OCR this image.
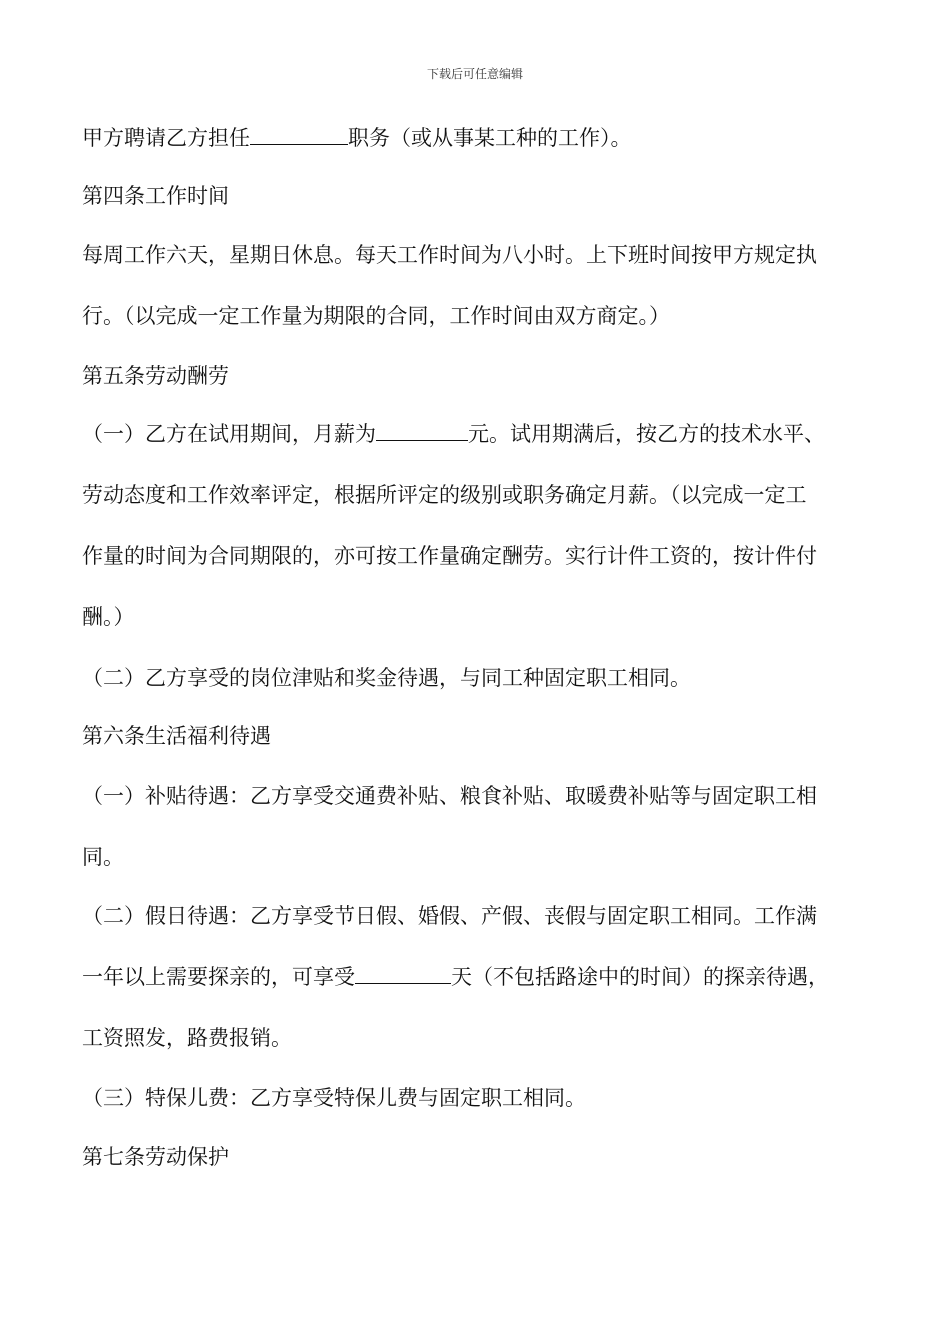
下载后可任意编辑
甲方聘请乙方担任	职务（或从事某工种的工作）。
第四条工作时间
每周工作六天，星期日休息。每天工作时间为八小时。上下班时间按甲方规定执
行。（以完成一定工作量为期限的合同，工作时间由双方商定。）
第五条劳动酬劳
（一）乙方在试用期间，月薪为	元。试用期满后，按乙方的技术水平、
劳动态度和工作效率评定，根据所评定的级别或职务确定月薪。（以完成一定工
作量的时间为合同期限的，亦可按工作量确定酬劳。实行计件工资的，按计件付
酬。）
（二）乙方享受的岗位津贴和奖金待遇，与同工种固定职工相同。
第六条生活福利待遇
（一）补贴待遇：乙方享受交通费补贴、粮食补贴、取暖费补贴等与固定职工相
同。
（二）假日待遇：乙方享受节日假、婚假、产假、丧假与固定职工相同。工作满
一年以上需要探亲的，可享受	天（不包括路途中的时间）的探亲待遇，
工资照发，路费报销。
（三）特保儿费：乙方享受特保儿费与固定职工相同。
第七条劳动保护
